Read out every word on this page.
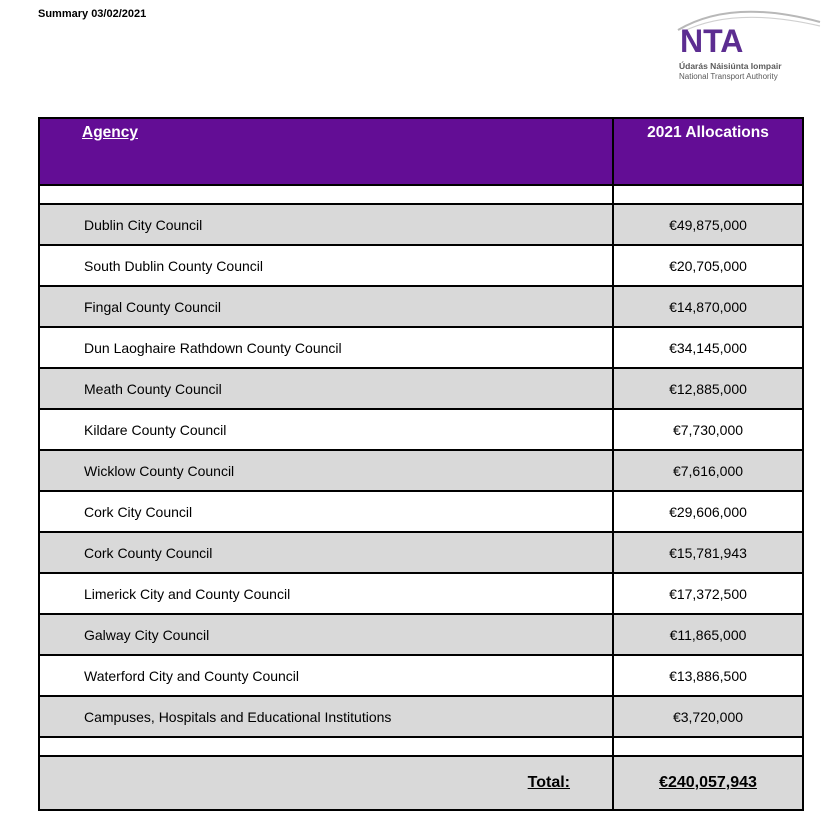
Summary 03/02/2021
NTA
Údarás Náisiúnta Iompair
National Transport Authority
Agency	2021 Allocations

Dublin City Council	€49,875,000
South Dublin County Council	€20,705,000
Fingal County Council	€14,870,000
Dun Laoghaire Rathdown County Council	€34,145,000
Meath County Council	€12,885,000
Kildare County Council	€7,730,000
Wicklow County Council	€7,616,000
Cork City Council	€29,606,000
Cork County Council	€15,781,943
Limerick City and County Council	€17,372,500
Galway City Council	€11,865,000
Waterford City and County Council	€13,886,500
Campuses, Hospitals and Educational Institutions	€3,720,000

Total:	€240,057,943
